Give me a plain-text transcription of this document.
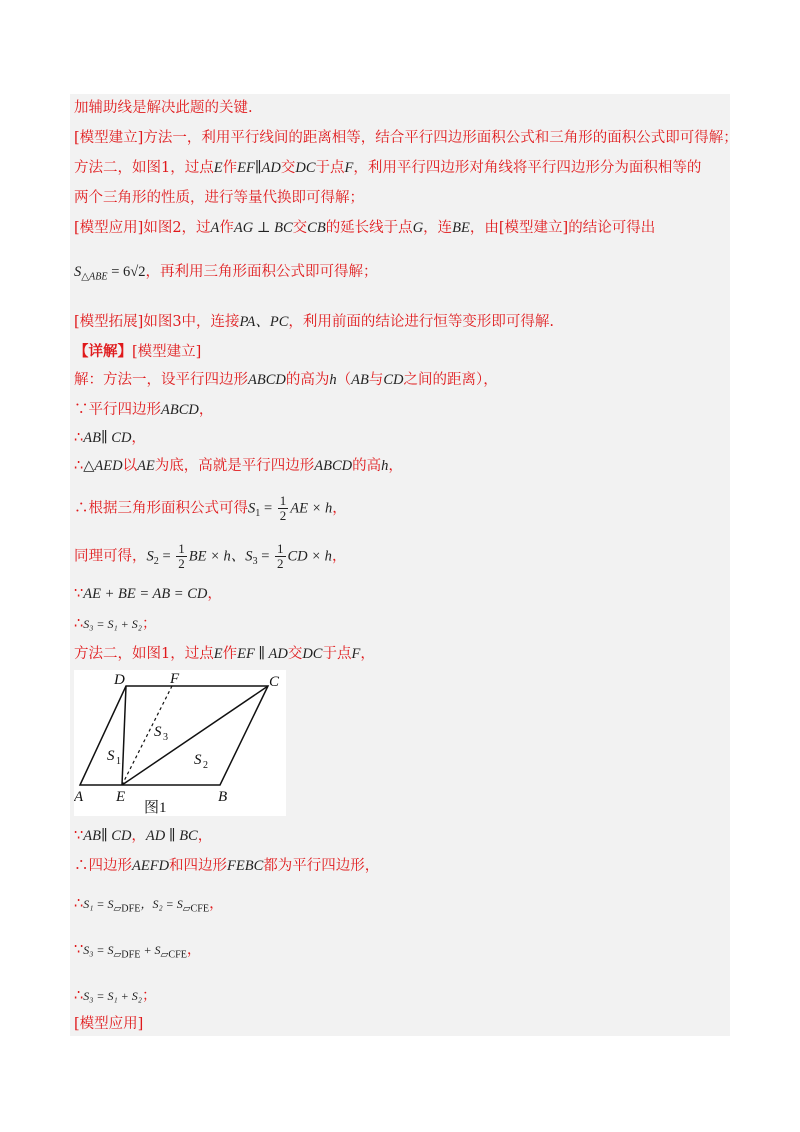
加辅助线是解决此题的关键.
[模型建立]方法一，利用平行线间的距离相等，结合平行四边形面积公式和三角形的面积公式即可得解；
方法二，如图1，过点E作EF∥AD交DC于点F，利用平行四边形对角线将平行四边形分为面积相等的
两个三角形的性质，进行等量代换即可得解；
[模型应用]如图2，过A作AG ⊥ BC交CB的延长线于点G，连BE，由[模型建立]的结论可得出
$S_{\triangle ABE} = 6√2$，再利用三角形面积公式即可得解；
[模型拓展]如图3中，连接PA、PC，利用前面的结论进行恒等变形即可得解.
【详解】[模型建立]
解：方法一，设平行四边形ABCD的高为h（AB与CD之间的距离），
∵平行四边形ABCD，
∴AB∥ CD，
∴△AED以AE为底，高就是平行四边形ABCD的高h，
∴根据三角形面积公式可得$S_1 = \frac{1}{2}$ AE × h，
同理可得，$S_2 = \frac{1}{2}$ BE × h、$S_3 = \frac{1}{2}$ CD × h，
∵AE + BE = AB = CD，
∴S₃ = S₁ + S₂；
方法二，如图1，过点E作EF ∥ AD交DC于点F，
D	F	C
A E	B
S 1
S 3
S 2
图1
∵AB∥ CD，AD ∥ BC，
∴四边形AEFD和四边形FEBC都为平行四边形，
∴S₁ = $S_{▱DFE}$，$S_2 = S_{▱CFE}$，
∵S₃ = $S_{▱DFE} + S_{▱CFE}$，
∴S₃ = S₁ + S₂；
[模型应用]
